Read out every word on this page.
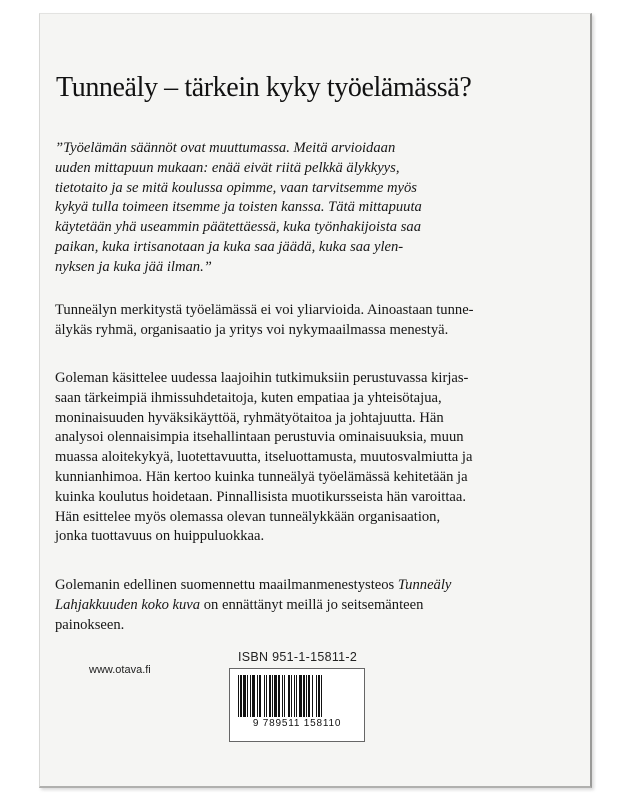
Tunneäly – tärkein kyky työelämässä?

”Työelämän säännöt ovat muuttumassa. Meitä arvioidaan
uuden mittapuun mukaan: enää eivät riitä pelkkä älykkyys,
tietotaito ja se mitä koulussa opimme, vaan tarvitsemme myös
kykyä tulla toimeen itsemme ja toisten kanssa. Tätä mittapuuta
käytetään yhä useammin päätettäessä, kuka työnhakijoista saa
paikan, kuka irtisanotaan ja kuka saa jäädä, kuka saa ylen-
nyksen ja kuka jää ilman.”

Tunneälyn merkitystä työelämässä ei voi yliarvioida. Ainoastaan tunne-
älykäs ryhmä, organisaatio ja yritys voi nykymaailmassa menestyä.

Goleman käsittelee uudessa laajoihin tutkimuksiin perustuvassa kirjas-
saan tärkeimpiä ihmissuhdetaitoja, kuten empatiaa ja yhteisötajua,
moninaisuuden hyväksikäyttöä, ryhmätyötaitoa ja johtajuutta. Hän
analysoi olennaisimpia itsehallintaan perustuvia ominaisuuksia, muun
muassa aloitekykyä, luotettavuutta, itseluottamusta, muutosvalmiutta ja
kunnianhimoa. Hän kertoo kuinka tunneälyä työelämässä kehitetään ja
kuinka koulutus hoidetaan. Pinnallisista muotikursseista hän varoittaa.
Hän esittelee myös olemassa olevan tunneälykkään organisaation,
jonka tuottavuus on huippuluokkaa.

Golemanin edellinen suomennettu maailmanmenestysteos Tunneäly
Lahjakkuuden koko kuva on ennättänyt meillä jo seitsemänteen
painokseen.

www.otava.fi
ISBN 951-1-15811-2
9 789511 158110
